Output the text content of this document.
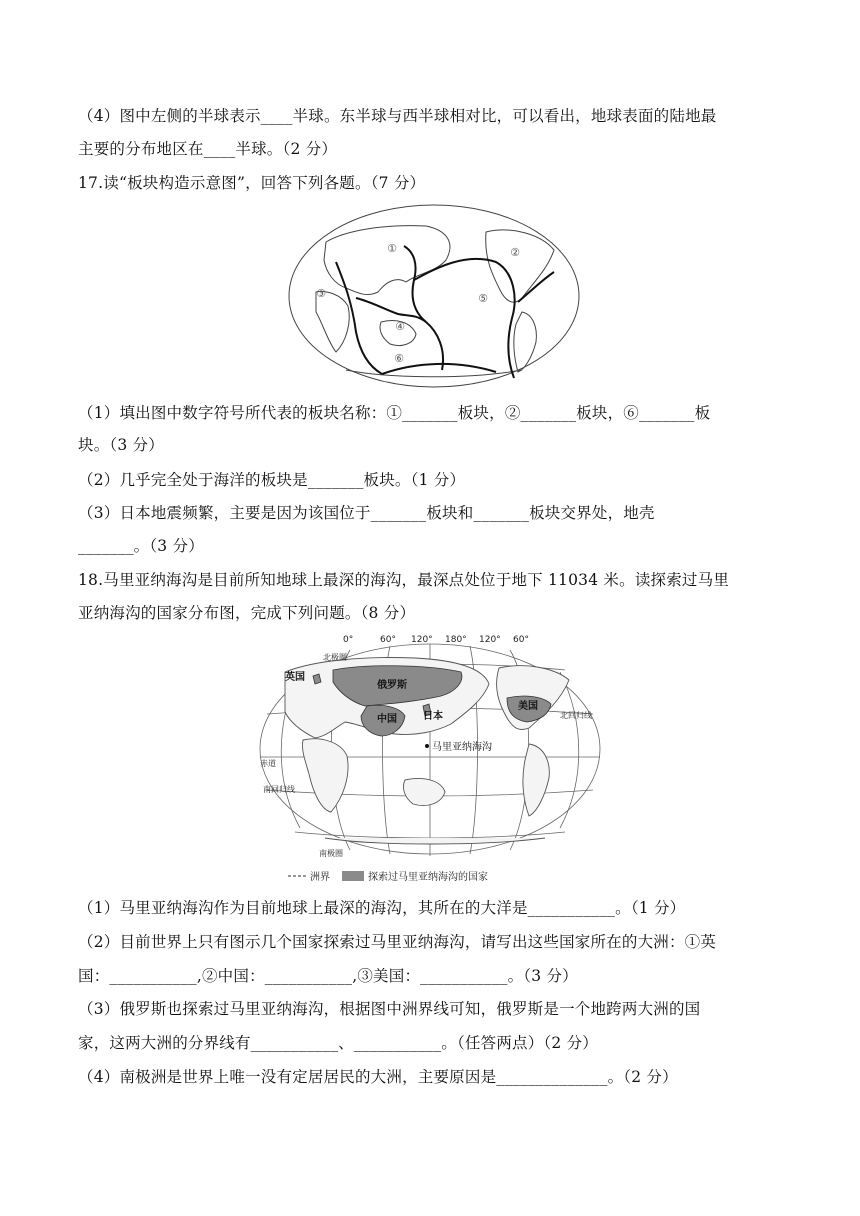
（4）图中左侧的半球表示____半球。东半球与西半球相对比，可以看出，地球表面的陆地最
主要的分布地区在____半球。（2 分）
17.读“板块构造示意图”，回答下列各题。（7 分）
①	②
③
④
⑤
⑥
（1）填出图中数字符号所代表的板块名称：①_______板块，②_______板块，⑥_______板
块。（3 分）
（2）几乎完全处于海洋的板块是_______板块。（1 分）
（3）日本地震频繁，主要是因为该国位于_______板块和_______板块交界处，地壳
_______。（3 分）
18.马里亚纳海沟是目前所知地球上最深的海沟，最深点处位于地下 11034 米。读探索过马里
亚纳海沟的国家分布图，完成下列问题。（8 分）
0°	60° 120° 180° 120° 60°
北极圈
北回归线
赤道
南回归线
南极圈
英国
俄罗斯
中国	日本
美国
马里亚纳海沟
洲界	探索过马里亚纳海沟的国家
（1）马里亚纳海沟作为目前地球上最深的海沟，其所在的大洋是___________。（1 分）
（2）目前世界上只有图示几个国家探索过马里亚纳海沟，请写出这些国家所在的大洲：①英
国：___________,②中国：___________,③美国：___________。（3 分）
（3）俄罗斯也探索过马里亚纳海沟，根据图中洲界线可知，俄罗斯是一个地跨两大洲的国
家，这两大洲的分界线有___________、___________。（任答两点）（2 分）
（4）南极洲是世界上唯一没有定居居民的大洲，主要原因是______________。（2 分）
